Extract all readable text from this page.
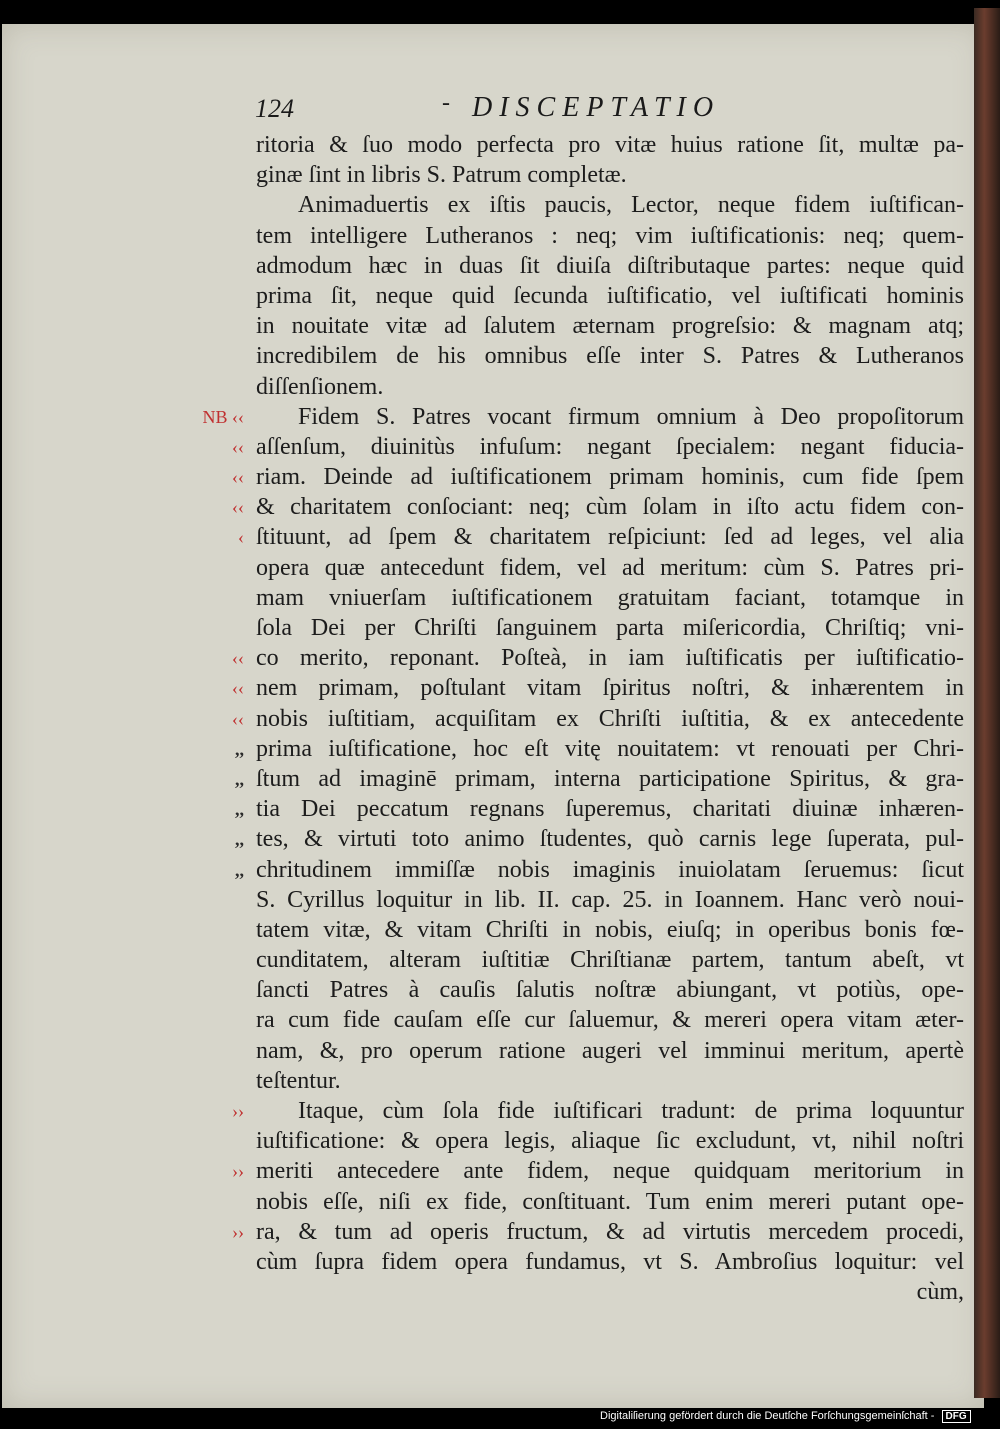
124	- DISCEPTATIO
NB ‹‹
‹‹
‹‹
‹‹
‹
‹‹
‹‹
‹‹
,,
,,
,,
,,
,,
››
››
››
ritoria & ſuo modo perfecta pro vitæ huius ratione ſit, multæ pa-
ginæ ſint in libris S. Patrum completæ.
Animaduertis ex iſtis paucis, Lector, neque fidem iuſtifican-
tem intelligere Lutheranos : neq; vim iuſtificationis: neq; quem-
admodum hæc in duas ſit diuiſa diſtributaque partes: neque quid
prima ſit, neque quid ſecunda iuſtificatio, vel iuſtificati hominis
in nouitate vitæ ad ſalutem æternam progreſsio: & magnam atq;
incredibilem de his omnibus eſſe inter S. Patres & Lutheranos
diſſenſionem.
Fidem S. Patres vocant firmum omnium à Deo propoſitorum
aſſenſum, diuinitùs infuſum: negant ſpecialem: negant fiducia-
riam. Deinde ad iuſtificationem primam hominis, cum fide ſpem
& charitatem conſociant: neq; cùm ſolam in iſto actu fidem con-
ſtituunt, ad ſpem & charitatem reſpiciunt: ſed ad leges, vel alia
opera quæ antecedunt fidem, vel ad meritum: cùm S. Patres pri-
mam vniuerſam iuſtificationem gratuitam faciant, totamque in
ſola Dei per Chriſti ſanguinem parta miſericordia, Chriſtiq; vni-
co merito, reponant. Poſteà, in iam iuſtificatis per iuſtificatio-
nem primam, poſtulant vitam ſpiritus noſtri, & inhærentem in
nobis iuſtitiam, acquiſitam ex Chriſti iuſtitia, & ex antecedente
prima iuſtificatione, hoc eſt vitę nouitatem: vt renouati per Chri-
ſtum ad imaginē primam, interna participatione Spiritus, & gra-
tia Dei peccatum regnans ſuperemus, charitati diuinæ inhæren-
tes, & virtuti toto animo ſtudentes, quò carnis lege ſuperata, pul-
chritudinem immiſſæ nobis imaginis inuiolatam ſeruemus: ſicut
S. Cyrillus loquitur in lib. II. cap. 25. in Ioannem. Hanc verò noui-
tatem vitæ, & vitam Chriſti in nobis, eiuſq; in operibus bonis fœ-
cunditatem, alteram iuſtitiæ Chriſtianæ partem, tantum abeſt, vt
ſancti Patres à cauſis ſalutis noſtræ abiungant, vt potiùs, ope-
ra cum fide cauſam eſſe cur ſaluemur, & mereri opera vitam æter-
nam, &, pro operum ratione augeri vel imminui meritum, apertè
teſtentur.
Itaque, cùm ſola fide iuſtificari tradunt: de prima loquuntur
iuſtificatione: & opera legis, aliaque ſic excludunt, vt, nihil noſtri
meriti antecedere ante fidem, neque quidquam meritorium in
nobis eſſe, niſi ex fide, conſtituant. Tum enim mereri putant ope-
ra, & tum ad operis fructum, & ad virtutis mercedem procedi,
cùm ſupra fidem opera fundamus, vt S. Ambroſius loquitur: vel
cùm,
Digitaliſierung gefördert durch die Deutſche Forſchungsgemeinſchaft - DFG
